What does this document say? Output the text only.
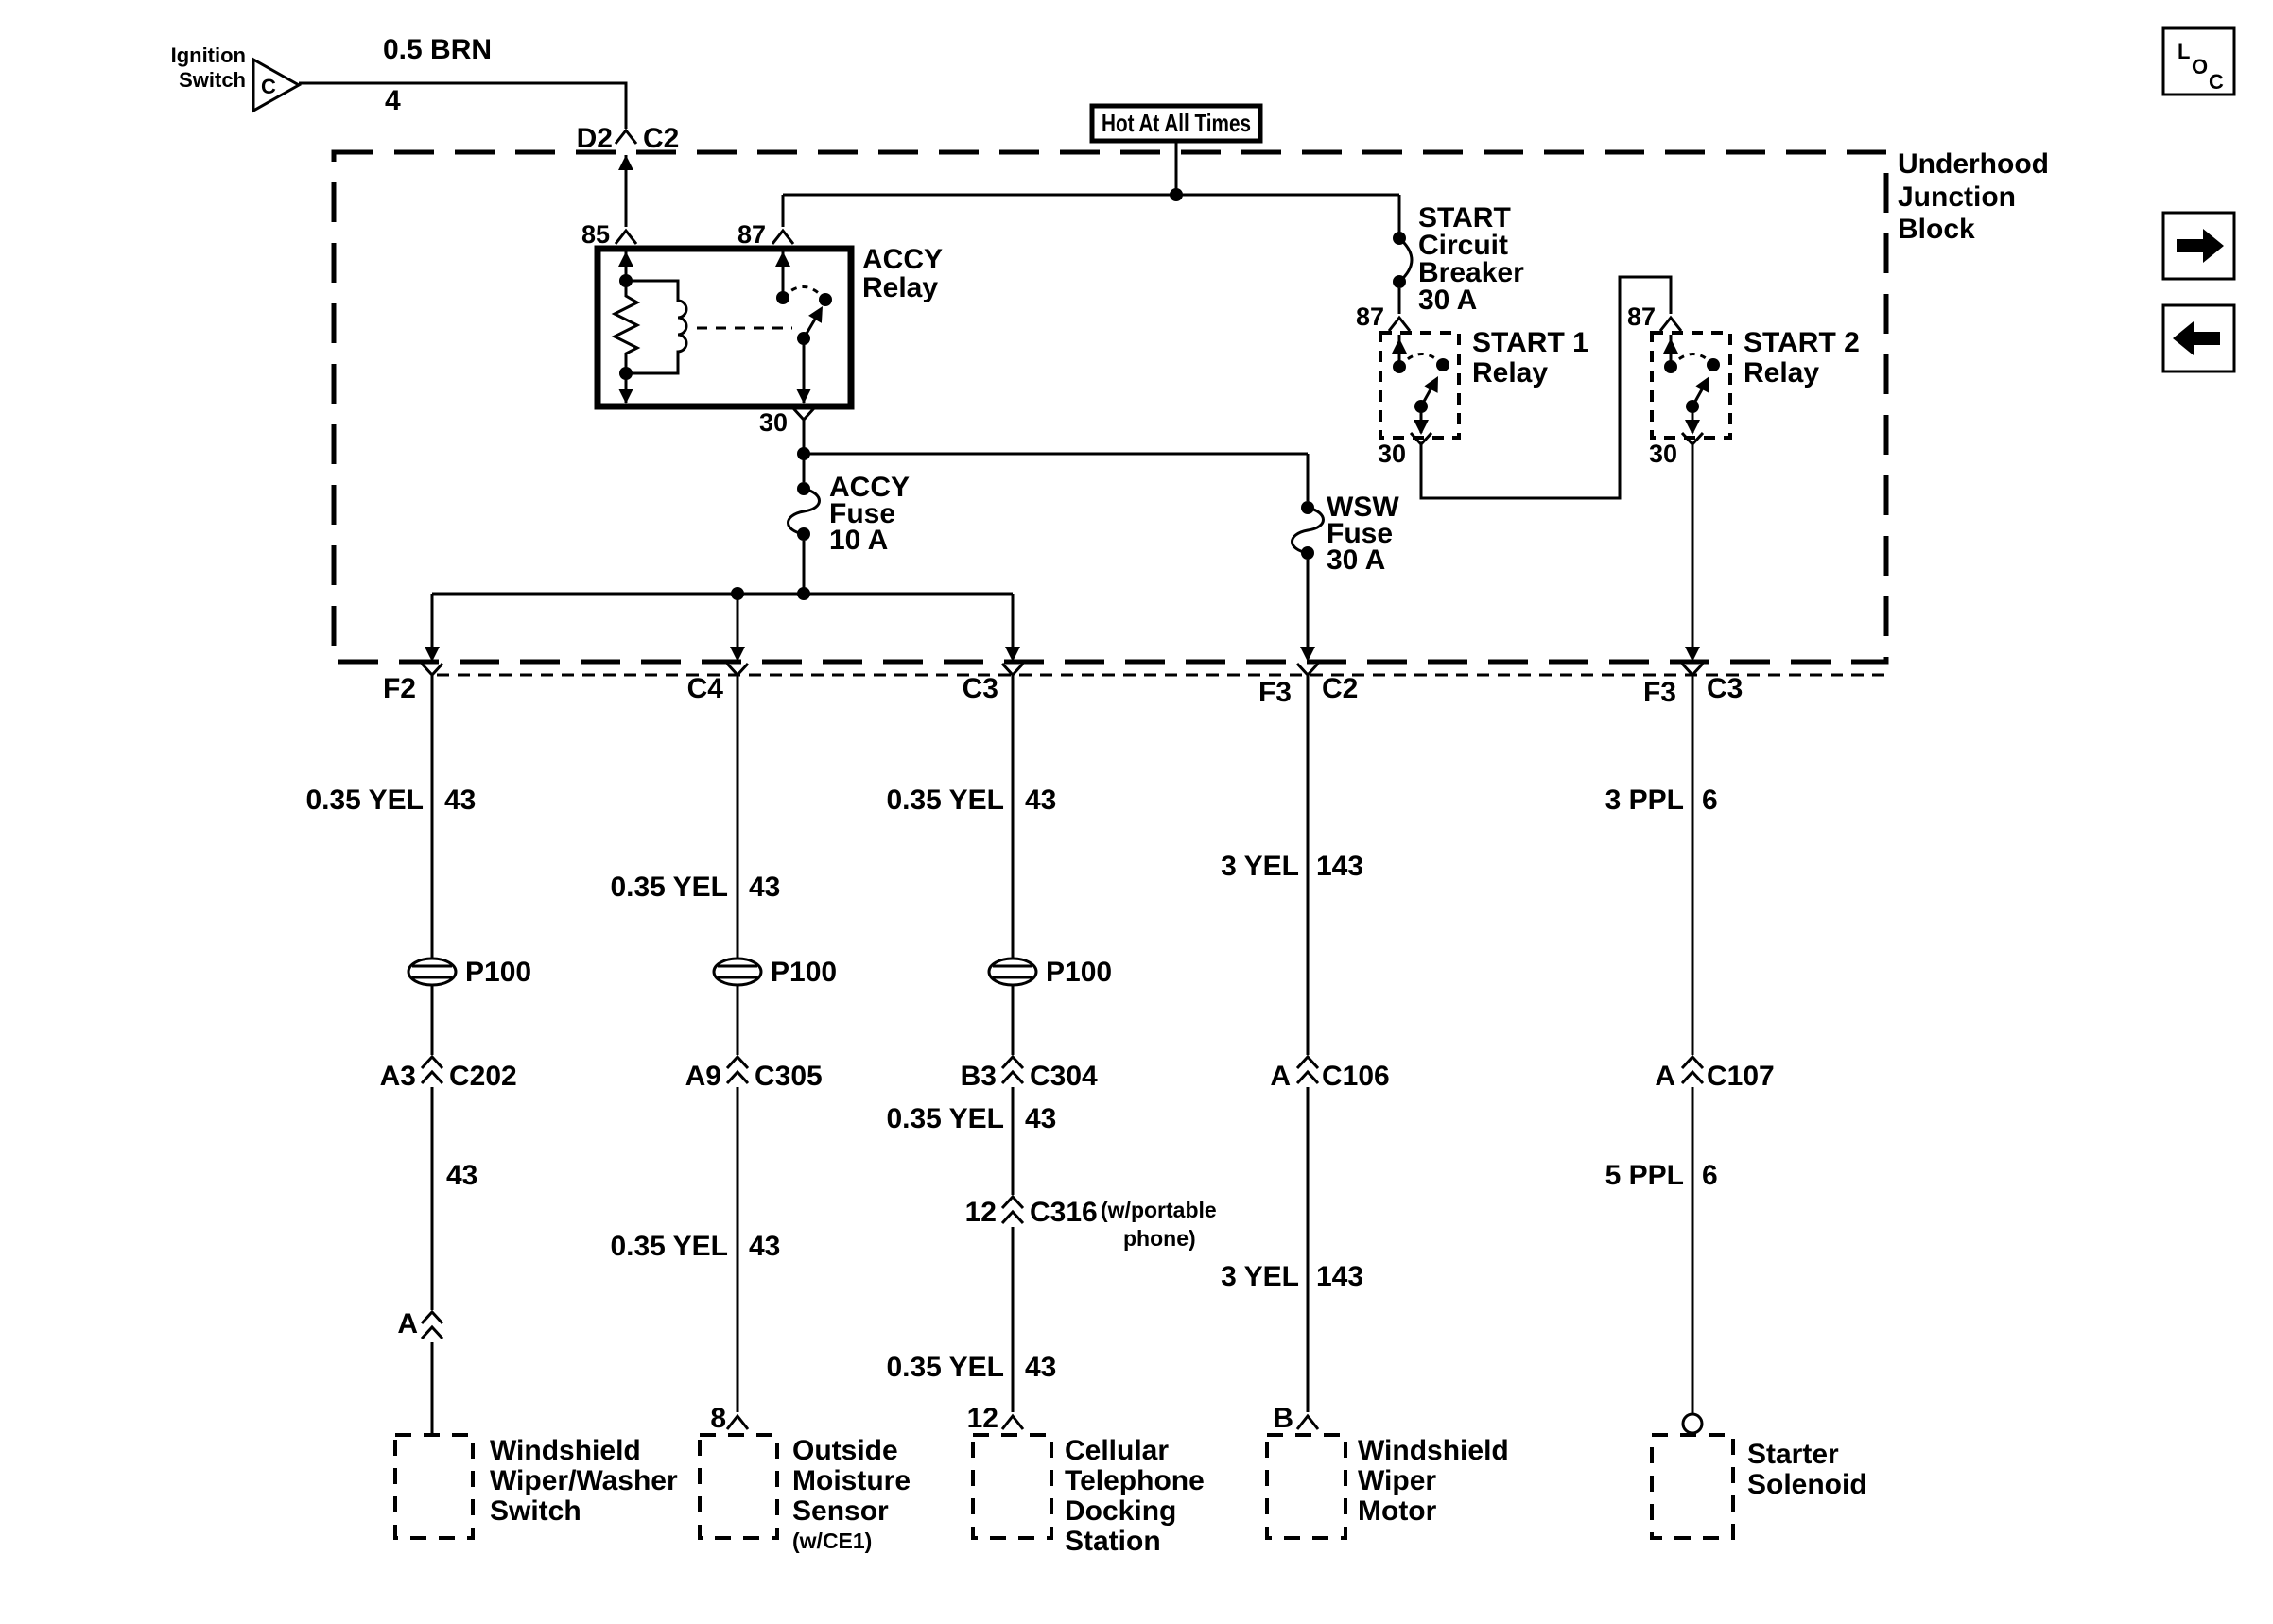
Underhood
Junction
Block
Hot At All Times
Ignition
Switch C
0.5 BRN
4
D2 C2
85	87
ACCY
Relay
30
ACCY
Fuse
10 A
WSW
Fuse
30 A
START
Circuit
Breaker
30 A
87
START 1
Relay
30
87
START 2
Relay
30
F2	C4	C3	F3 C2	F3 C3
0.35 YEL 43
P100
A3 C202
43
A
Windshield
Wiper/Washer
Switch
0.35 YEL 43
P100
A9 C305
0.35 YEL 43
8
Outside
Moisture
Sensor
(w/CE1)
0.35 YEL 43
P100
B3 C304
0.35 YEL 43
12 C316 (w/portable
phone)
0.35 YEL 43
12
Cellular
Telephone
Docking
Station
3 YEL 143
A C106
3 YEL 143
B
Windshield
Wiper
Motor
3 PPL 6
A C107
5 PPL 6
Starter
Solenoid
L
O
C
